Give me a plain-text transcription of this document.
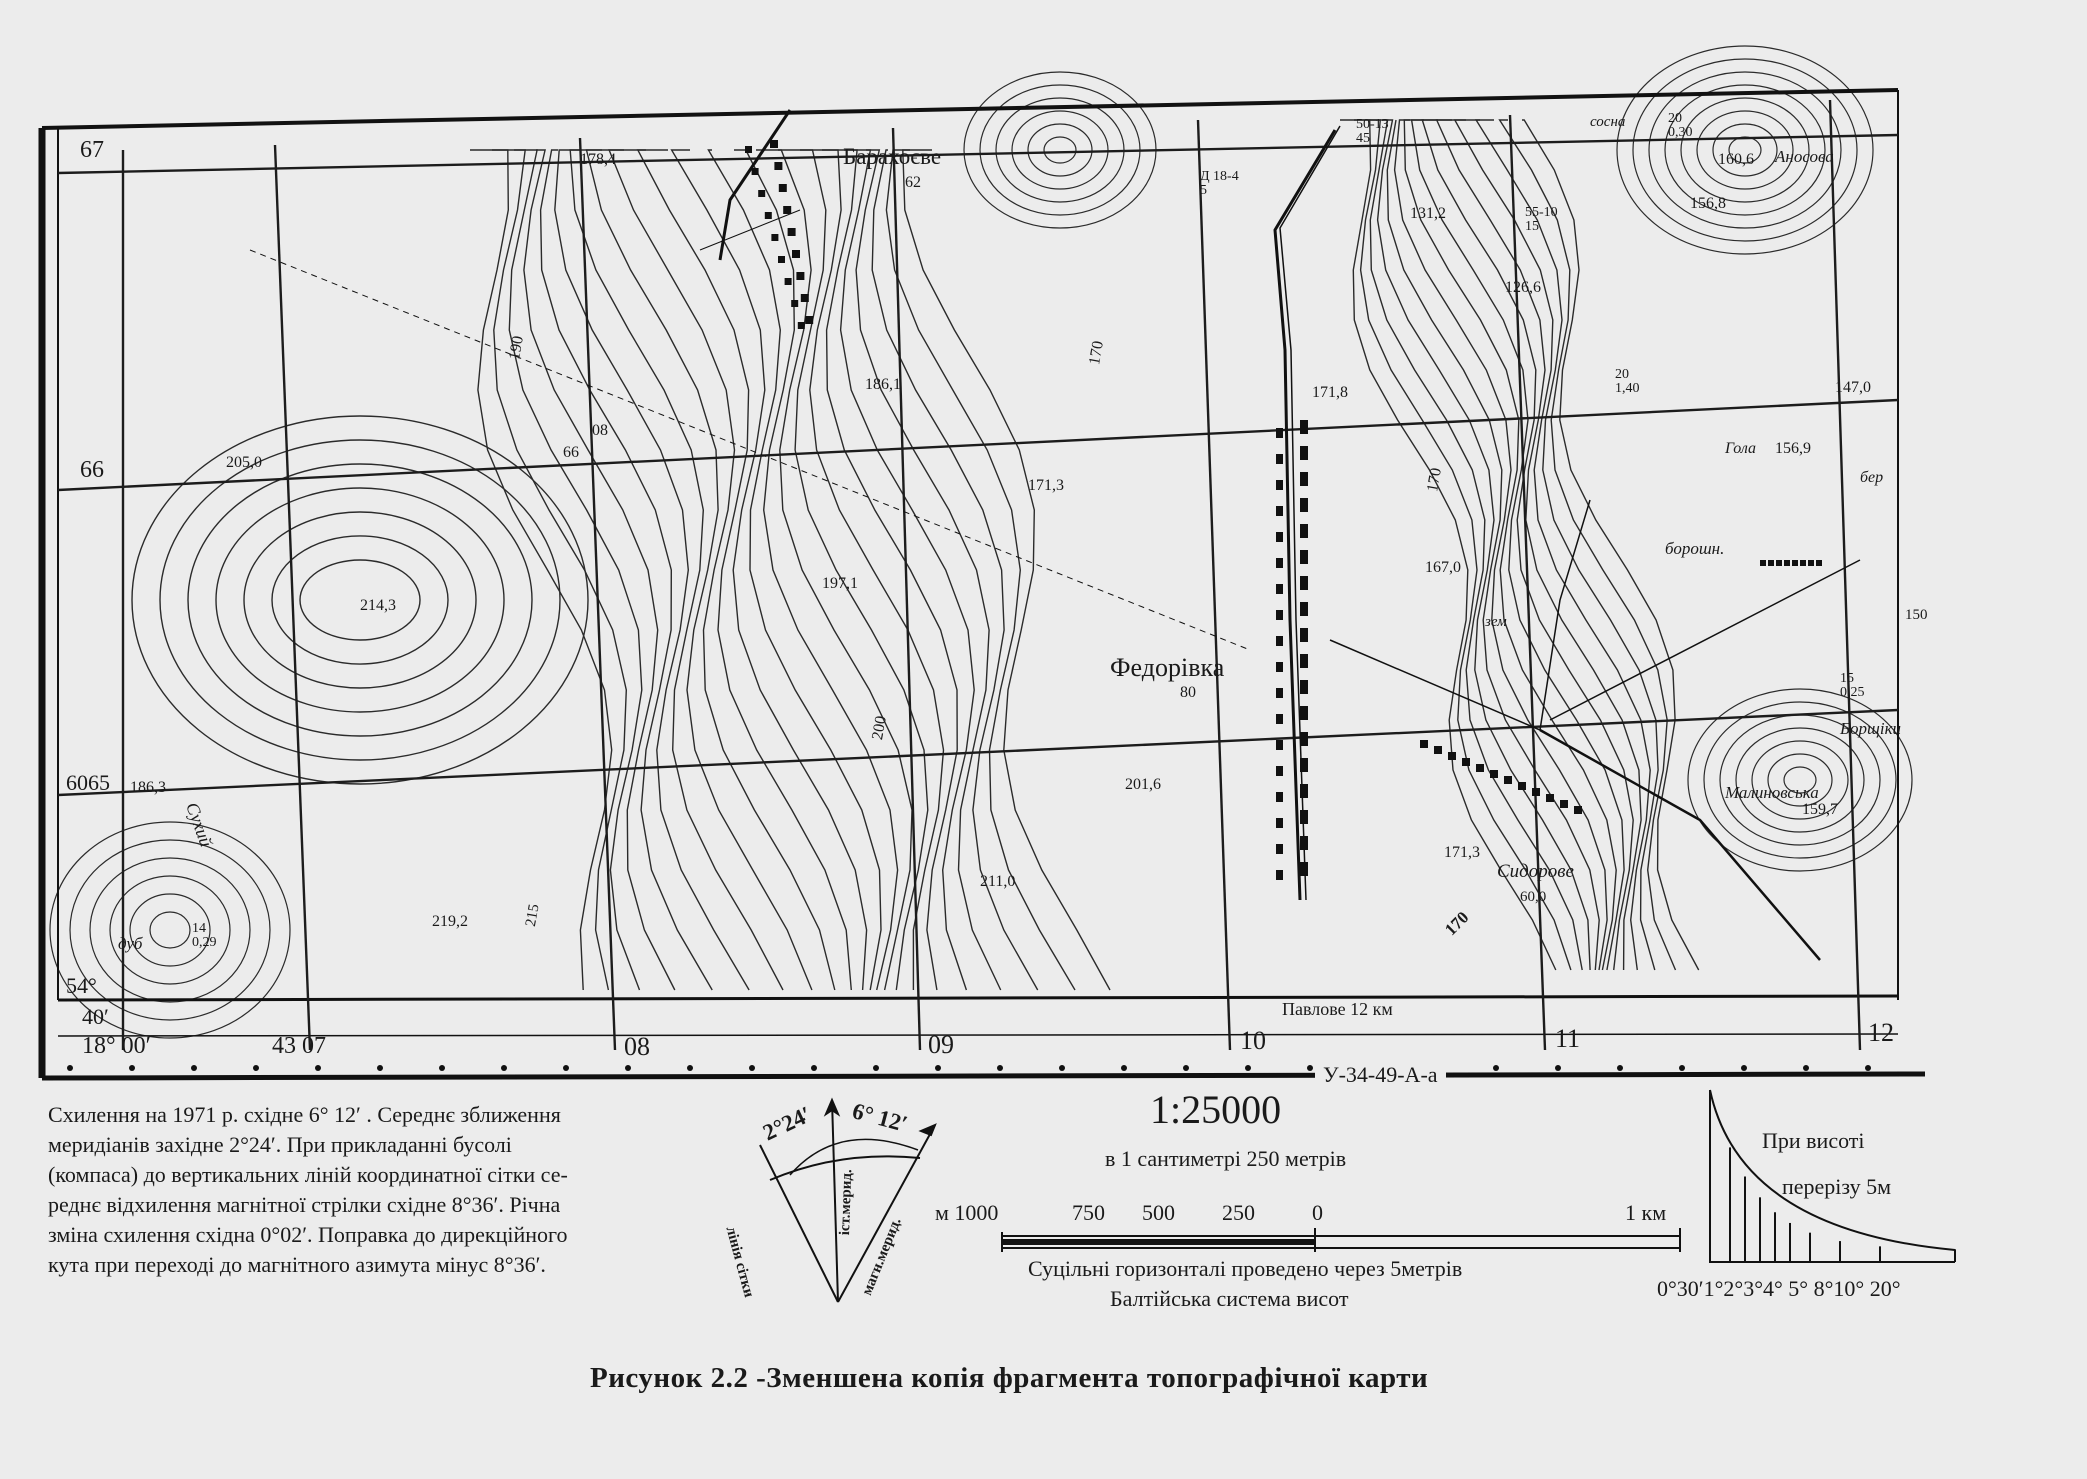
Барахоєве
Федорівка
Сидорове
Аносова
Гола
Малиновська
Борщіки
бер
сосна
борошн.
дуб
зем
Сухий
Павлове 12 км
У-34-49-А-а
67
66
6065
54°
40′
18° 00′	43 07	08	09	10	11	12
178,4
62
186,1
205,0
171,3
214,3
197,1
171,8
167,0
201,6
186,3
211,0
219,2
131,2
126,6
160,6
156,8
147,0
156,9
159,7
171,3
60,0
190	170
170
200
215	170
150
80
08
66
14 0,29
20 0,30
20 1,40
50-13 45
55-10 15
15 0,25
Д 18-4 5
Схилення на 1971 р. східне 6° 12′ . Середнє зближення
меридіанів західне 2°24′. При прикладанні бусолі
(компаса) до вертикальних ліній координатної сітки се-
реднє відхилення магнітної стрілки східне 8°36′. Річна
зміна схилення східна 0°02′. Поправка до дирекційного
кута при переході до магнітного азимута мінус 8°36′.
2°24′ 6° 12′
лінія сітки
іст.мерид.
магн.мерид.
1:25000
в 1 сантиметрі 250 метрів
м 1000	750 500 250	0	1 км
Суцільні горизонталі проведено через 5метрів
Балтійська система висот
При висоті
перерізу 5м
0°30′1°2°3°4° 5° 8°10° 20°
Рисунок 2.2 -Зменшена копія фрагмента топографічної карти
